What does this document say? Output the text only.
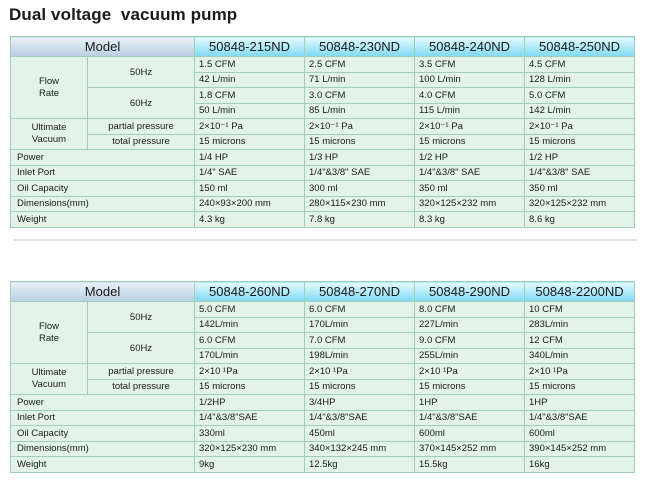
Dual voltage  vacuum pump
Model		50848-215ND	50848-230ND	50848-240ND	50848-250ND
Flow
Rate	50Hz	1.5 CFM	2.5 CFM	3.5 CFM	4.5 CFM
		42 L/min	71 L/min	100 L/min	128 L/min
	60Hz	1.8 CFM	3.0 CFM	4.0 CFM	5.0 CFM
		50 L/min	85 L/min	115 L/min	142 L/min
Ultimate
Vacuum	partial pressure	2×10⁻¹ Pa	2×10⁻¹ Pa	2×10⁻¹ Pa	2×10⁻¹ Pa
	total pressure	15 microns	15 microns	15 microns	15 microns
Power		1/4 HP	1/3 HP	1/2 HP	1/2 HP
Inlet Port		1/4" SAE	1/4"&3/8" SAE	1/4"&3/8" SAE	1/4"&3/8" SAE
Oil Capacity		150 ml	300 ml	350 ml	350 ml
Dimensions(mm)		240×93×200 mm	280×115×230 mm	320×125×232 mm	320×125×232 mm
Weight		4.3 kg	7.8 kg	8.3 kg	8.6 kg
Model		50848-260ND	50848-270ND	50848-290ND	50848-2200ND
Flow
Rate	50Hz	5.0 CFM	6.0 CFM	8.0 CFM	10 CFM
		142L/min	170L/min	227L/min	283L/min
	60Hz	6.0 CFM	7.0 CFM	9.0 CFM	12 CFM
		170L/min	198L/min	255L/min	340L/min
Ultimate
Vacuum	partial pressure	2×10 ¹Pa	2×10 ¹Pa	2×10 ¹Pa	2×10 ¹Pa
	total pressure	15 microns	15 microns	15 microns	15 microns
Power		1/2HP	3/4HP	1HP	1HP
Inlet Port		1/4"&3/8"SAE	1/4"&3/8"SAE	1/4"&3/8"SAE	1/4"&3/8"SAE
Oil Capacity		330ml	450ml	600ml	600ml
Dimensions(mm)		320×125×230 mm	340×132×245 mm	370×145×252 mm	390×145×252 mm
Weight		9kg	12.5kg	15.5kg	16kg
